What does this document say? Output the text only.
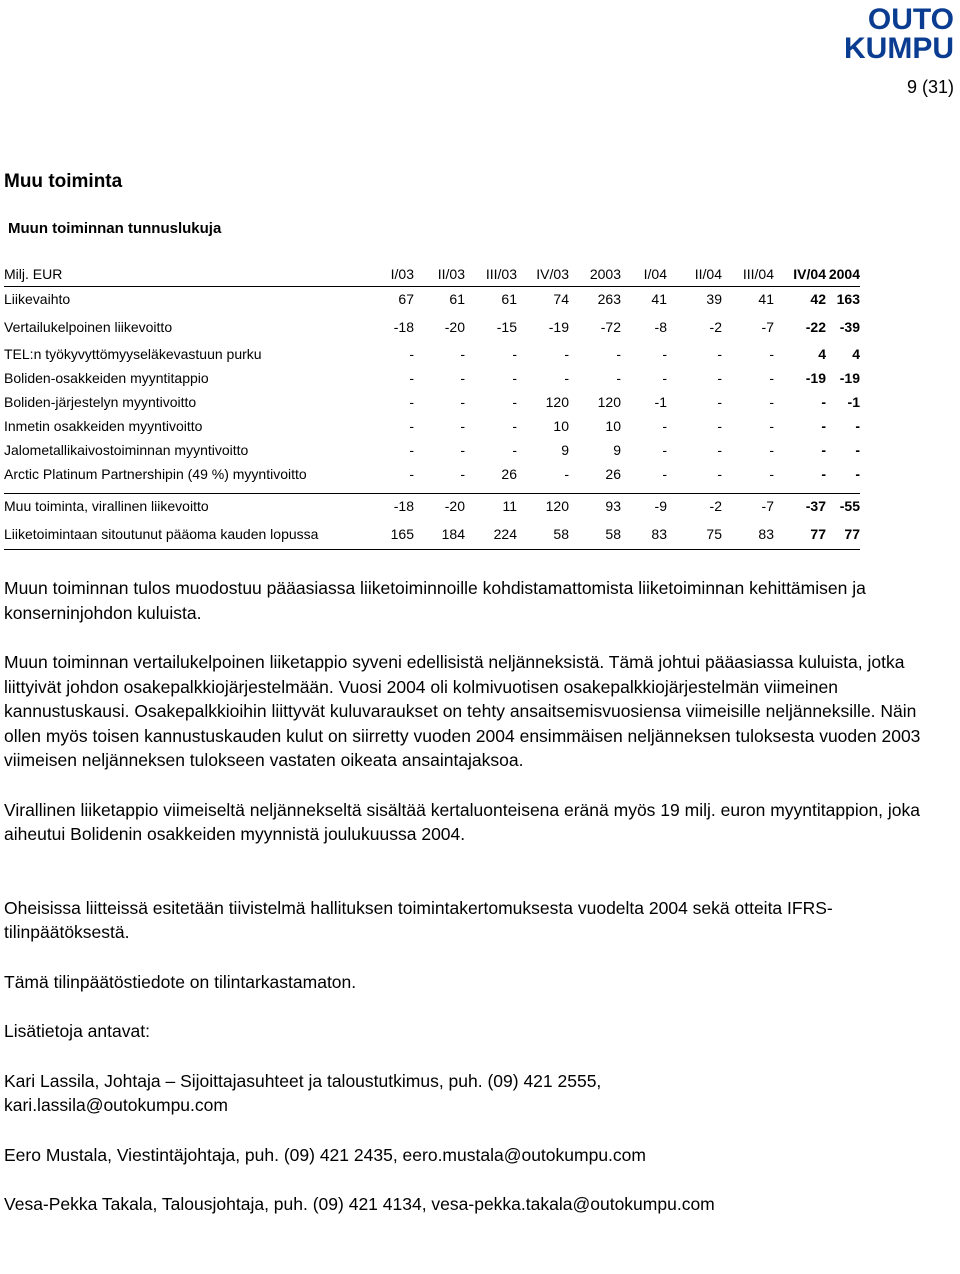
OUTO
KUMPU
9 (31)
Muu toiminta
Muun toiminnan tunnuslukuja
Milj. EUR	I/03	II/03	III/03	IV/03	2003	I/04	II/04	III/04	IV/04	2004	
Liikevaihto	67	61	61	74	263	41	39	41	42	163	
Vertailukelpoinen liikevoitto	-18	-20	-15	-19	-72	-8	-2	-7	-22	-39	
TEL:n työkyvyttömyyseläkevastuun purku	-	-	-	-	-	-	-	-	4	4	
Boliden-osakkeiden myyntitappio	-	-	-	-	-	-	-	-	-19	-19	
Boliden-järjestelyn myyntivoitto	-	-	-	120	120	-1	-	-	-	-1	
Inmetin osakkeiden myyntivoitto	-	-	-	10	10	-	-	-	-	-	
Jalometallikaivostoiminnan myyntivoitto	-	-	-	9	9	-	-	-	-	-	
Arctic Platinum Partnershipin (49 %) myyntivoitto	-	-	26	-	26	-	-	-	-	-	

Muu toiminta, virallinen liikevoitto	-18	-20	11	120	93	-9	-2	-7	-37	-55	
Liiketoimintaan sitoutunut pääoma kauden lopussa	165	184	224	58	58	83	75	83	77	77	

Muun toiminnan tulos muodostuu pääasiassa liiketoiminnoille kohdistamattomista liiketoiminnan kehittämisen ja konserninjohdon kuluista.

Muun toiminnan vertailukelpoinen liiketappio syveni edellisistä neljänneksistä. Tämä johtui pääasiassa kuluista, jotka liittyivät johdon osakepalkkiojärjestelmään. Vuosi 2004 oli kolmivuotisen osakepalkkiojärjestelmän viimeinen kannustuskausi. Osakepalkkioihin liittyvät kuluvaraukset on tehty ansaitsemisvuosiensa viimeisille neljänneksille. Näin ollen myös toisen kannustuskauden kulut on siirretty vuoden 2004 ensimmäisen neljänneksen tuloksesta vuoden 2003 viimeisen neljänneksen tulokseen vastaten oikeata ansaintajaksoa.

Virallinen liiketappio viimeiseltä neljännekseltä sisältää kertaluonteisena eränä myös 19 milj. euron myyntitappion, joka aiheutui Bolidenin osakkeiden myynnistä joulukuussa 2004.

Oheisissa liitteissä esitetään tiivistelmä hallituksen toimintakertomuksesta vuodelta 2004 sekä otteita IFRS-tilinpäätöksestä.

Tämä tilinpäätöstiedote on tilintarkastamaton.

Lisätietoja antavat:

Kari Lassila, Johtaja – Sijoittajasuhteet ja taloustutkimus, puh. (09) 421 2555, kari.lassila@outokumpu.com

Eero Mustala, Viestintäjohtaja, puh. (09) 421 2435, eero.mustala@outokumpu.com

Vesa-Pekka Takala, Talousjohtaja, puh. (09) 421 4134, vesa-pekka.takala@outokumpu.com
